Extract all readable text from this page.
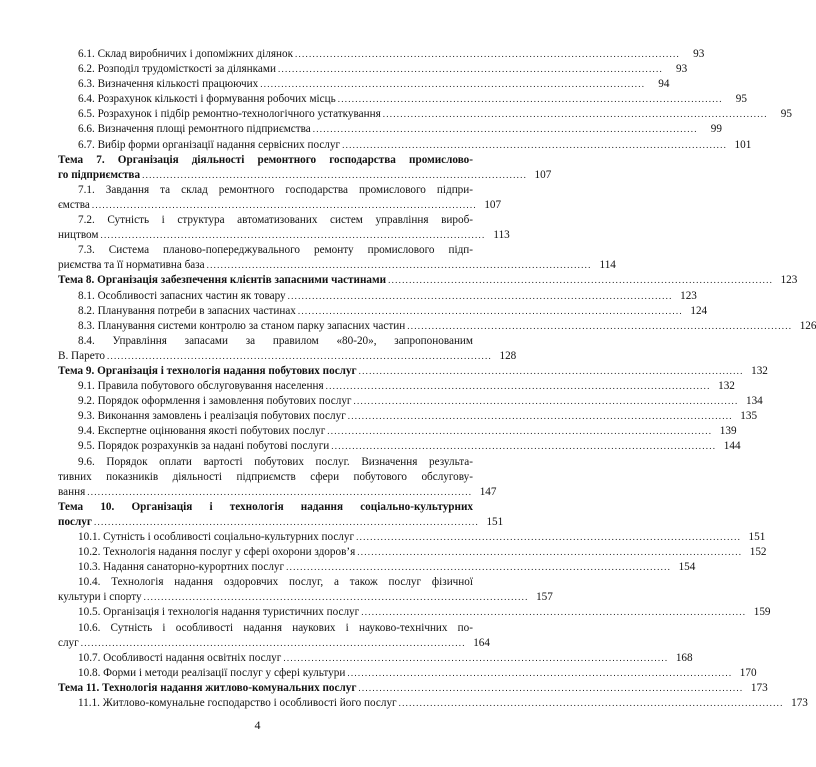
6.1. Склад виробничих і допоміжних ділянок . . .	93
6.2. Розподіл трудомісткості за ділянками . . .	93
6.3. Визначення кількості працюючих . . .	94
6.4. Розрахунок кількості і формування робочих місць . . .	95
6.5. Розрахунок і підбір ремонтно-технологічного устаткування . . .	95
6.6. Визначення площі ремонтного підприємства . . .	99
6.7. Вибір форми організації надання сервісних послуг . . .	101
Тема 7. Організація діяльності ремонтного господарства промислово-
го підприємства . . .	107
7.1. Завдання та склад ремонтного господарства промислового підпри-
ємства . . .	107
7.2. Сутність і структура автоматизованих систем управління вироб-
ництвом . . .	113
7.3. Система планово-попереджувального ремонту промислового підп-
риємства та її нормативна база . . .	114
Тема 8. Організація забезпечення клієнтів запасними частинами . . .	123
8.1. Особливості запасних частин як товару . . .	123
8.2. Планування потреби в запасних частинах . . .	124
8.3. Планування системи контролю за станом парку запасних частин . . .	126
8.4. Управління запасами за правилом «80-20», запропонованим
В. Парето . . .	128
Тема 9. Організація і технологія надання побутових послуг . . .	132
9.1. Правила побутового обслуговування населення . . .	132
9.2. Порядок оформлення і замовлення побутових послуг . . .	134
9.3. Виконання замовлень і реалізація побутових послуг . . .	135
9.4. Експертне оцінювання якості побутових послуг . . .	139
9.5. Порядок розрахунків за надані побутові послуги . . .	144
9.6. Порядок оплати вартості побутових послуг. Визначення результа-
тивних показників діяльності підприємств сфери побутового обслугову-
вання . . .	147
Тема 10. Організація і технологія надання соціально-культурних
послуг . . .	151
10.1. Сутність і особливості соціально-культурних послуг . . .	151
10.2. Технологія надання послуг у сфері охорони здоров’я . . .	152
10.3. Надання санаторно-курортних послуг . . .	154
10.4. Технологія надання оздоровчих послуг, а також послуг фізичної
культури і спорту . . .	157
10.5. Організація і технологія надання туристичних послуг . . .	159
10.6. Сутність і особливості надання наукових і науково-технічних по-
слуг . . .	164
10.7. Особливості надання освітніх послуг . . .	168
10.8. Форми і методи реалізації послуг у сфері культури . . .	170
Тема 11. Технологія надання житлово-комунальних послуг . . .	173
11.1. Житлово-комунальне господарство і особливості його послуг . . .	173
4
